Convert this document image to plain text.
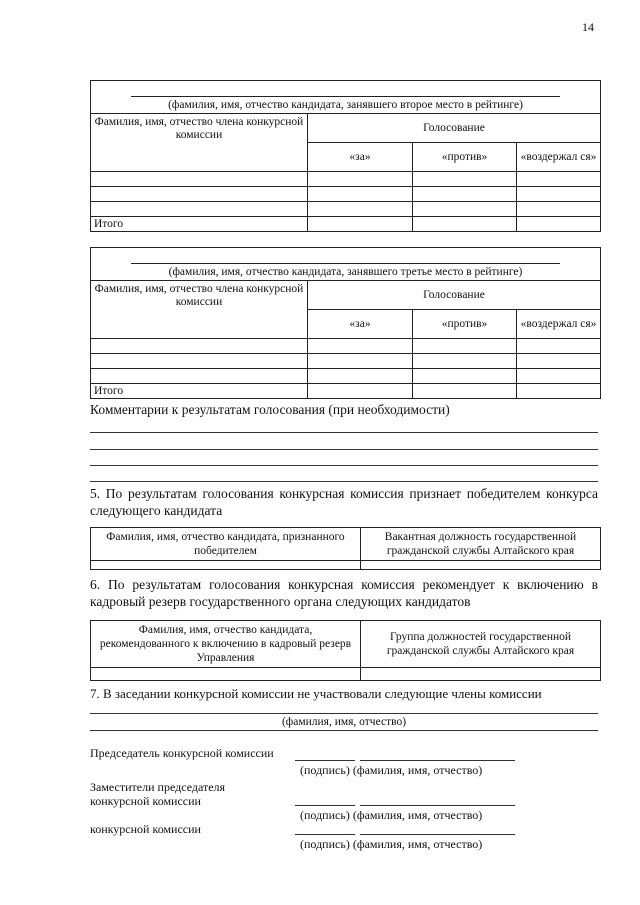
14
(фамилия, имя, отчество кандидата, занявшего второе место в рейтинге)			

Фамилия, имя, отчество члена конкурсной комиссии	Голосование		
	«за»	«против»	«воздержал ся»

Итого			
(фамилия, имя, отчество кандидата, занявшего третье место в рейтинге)			

Фамилия, имя, отчество члена конкурсной комиссии	Голосование		
	«за»	«против»	«воздержал ся»

Итого			
Комментарии к результатам голосования (при необходимости)
5. По результатам голосования конкурсная комиссия признает победителем конкурса следующего кандидата
Фамилия, имя, отчество кандидата, признанного победителем	Вакантная должность государственной гражданской службы Алтайского края

6. По результатам голосования конкурсная комиссия рекомендует к включению в кадровый резерв государственного органа следующих кандидатов
Фамилия, имя, отчество кандидата, рекомендованного к включению в кадровый резерв Управления	Группа должностей государственной гражданской службы Алтайского края

7. В заседании конкурсной комиссии не участвовали следующие члены комиссии
(фамилия, имя, отчество)
Председатель конкурсной комиссии
(подпись) (фамилия, имя, отчество)
Заместители председателя
конкурсной комиссии
(подпись) (фамилия, имя, отчество)
конкурсной комиссии
(подпись) (фамилия, имя, отчество)
